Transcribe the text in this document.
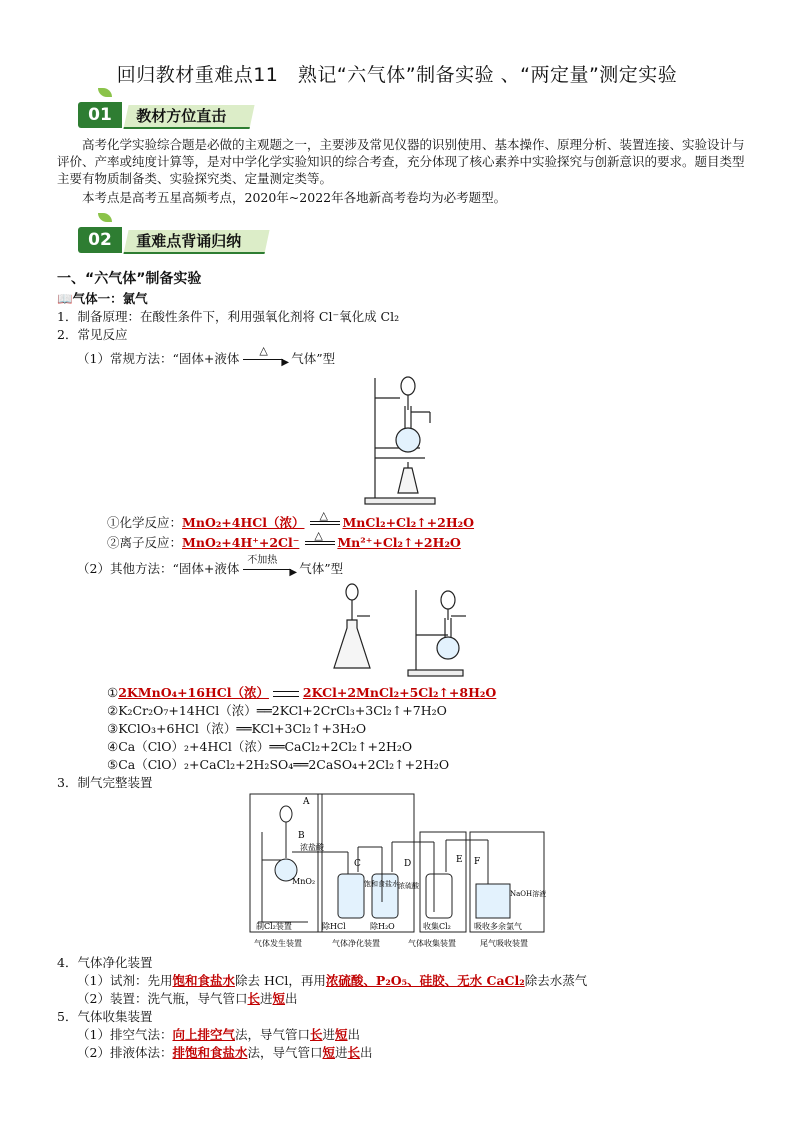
回归教材重难点11　熟记“六气体”制备实验 、“两定量”测定实验
01	教材方位直击
高考化学实验综合题是必做的主观题之一，主要涉及常见仪器的识别使用、基本操作、原理分析、装置连接、实验设计与评价、产率或纯度计算等，是对中学化学实验知识的综合考查，充分体现了核心素养中实验探究与创新意识的要求。题目类型主要有物质制备类、实验探究类、定量测定类等。
本考点是高考五星高频考点，2020年~2022年各地新高考卷均为必考题型。
02	重难点背诵归纳
一、“六气体”制备实验
📖气体一：氯气
1．制备原理：在酸性条件下，利用强氧化剂将 Cl⁻氧化成 Cl₂
2．常见反应
（1）常规方法：“固体+液体
△
▶ 气体”型
①化学反应：MnO₂+4HCl（浓） △ MnCl₂+Cl₂↑+2H₂O
②离子反应：MnO₂+4H⁺+2Cl⁻ △ Mn²⁺+Cl₂↑+2H₂O
（2）其他方法：“固体+液体
不加热
▶ 气体”型
①2KMnO₄+16HCl（浓）	2KCl+2MnCl₂+5Cl₂↑+8H₂O
②K₂Cr₂O₇+14HCl（浓）══2KCl+2CrCl₃+3Cl₂↑+7H₂O
③KClO₃+6HCl（浓）══KCl+3Cl₂↑+3H₂O
④Ca（ClO）₂+4HCl（浓）══CaCl₂+2Cl₂↑+2H₂O
⑤Ca（ClO）₂+CaCl₂+2H₂SO₄══2CaSO₄+2Cl₂↑+2H₂O
3．制气完整装置
A
B
浓盐酸
MnO₂
C
饱和食盐水
D
浓硫酸
E F
NaOH溶液
制Cl₂装置	除HCl	除H₂O	收集Cl₂	吸收多余氯气
气体发生装置	气体净化装置	气体收集装置	尾气吸收装置
4．气体净化装置
（1）试剂：先用饱和食盐水除去 HCl，再用浓硫酸、P₂O₅、硅胶、无水 CaCl₂除去水蒸气
（2）装置：洗气瓶，导气管口长进短出
5．气体收集装置
（1）排空气法：向上排空气法，导气管口长进短出
（2）排液体法：排饱和食盐水法，导气管口短进长出
